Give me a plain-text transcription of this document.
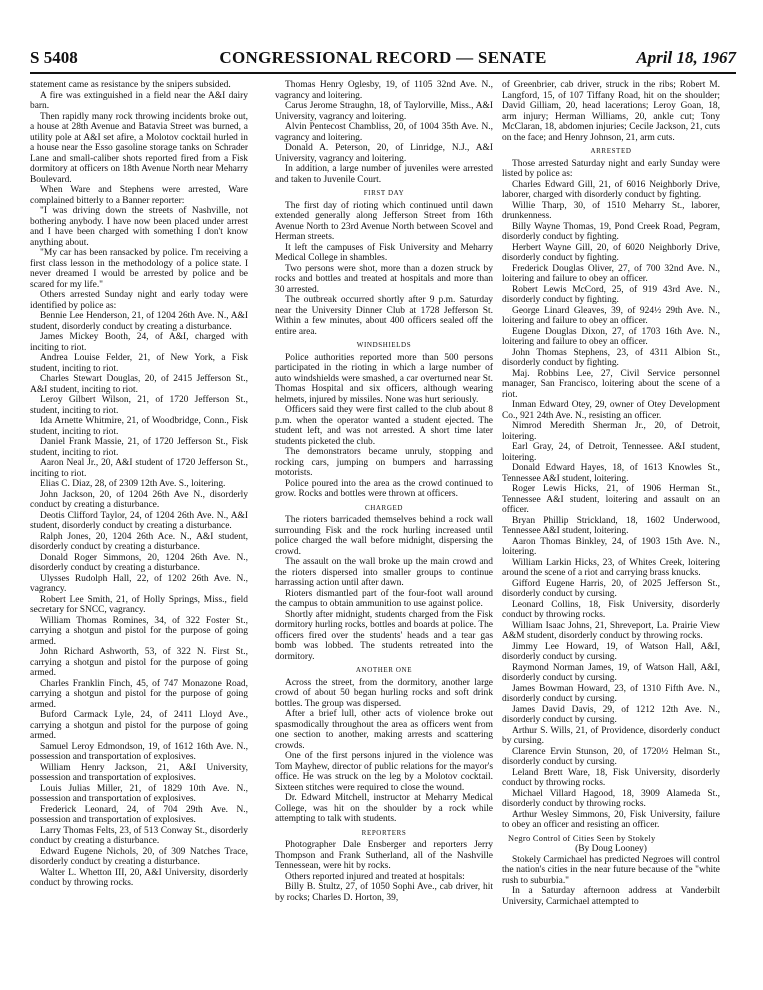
S 5408	CONGRESSIONAL RECORD — SENATE	April 18, 1967

statement came as resistance by the snipers subsided.

A fire was extinguished in a field near the A&I dairy barn.

Then rapidly many rock throwing incidents broke out, a house at 28th Avenue and Batavia Street was burned, a utility pole at A&I set afire, a Molotov cocktail hurled in a house near the Esso gasoline storage tanks on Schrader Lane and small-caliber shots reported fired from a Fisk dormitory at officers on 18th Avenue North near Meharry Boulevard.

When Ware and Stephens were arrested, Ware complained bitterly to a Banner reporter:

"I was driving down the streets of Nashville, not bothering anybody. I have now been placed under arrest and I have been charged with something I don't know anything about.

"My car has been ransacked by police. I'm receiving a first class lesson in the methodology of a police state. I never dreamed I would be arrested by police and be scared for my life."

Others arrested Sunday night and early today were identified by police as:

Bennie Lee Henderson, 21, of 1204 26th Ave. N., A&I student, disorderly conduct by creating a disturbance.

James Mickey Booth, 24, of A&I, charged with inciting to riot.

Andrea Louise Felder, 21, of New York, a Fisk student, inciting to riot.

Charles Stewart Douglas, 20, of 2415 Jefferson St., A&I student, inciting to riot.

Leroy Gilbert Wilson, 21, of 1720 Jefferson St., student, inciting to riot.

Ida Arnette Whitmire, 21, of Woodbridge, Conn., Fisk student, inciting to riot.

Daniel Frank Massie, 21, of 1720 Jefferson St., Fisk student, inciting to riot.

Aaron Neal Jr., 20, A&I student of 1720 Jefferson St., inciting to riot.

Elias C. Diaz, 28, of 2309 12th Ave. S., loitering.

John Jackson, 20, of 1204 26th Ave N., disorderly conduct by creating a disturbance.

Deotis Clifford Taylor, 24, of 1204 26th Ave. N., A&I student, disorderly conduct by creating a disturbance.

Ralph Jones, 20, 1204 26th Ace. N., A&I student, disorderly conduct by creating a disturbance.

Donald Roger Simmons, 20, 1204 26th Ave. N., disorderly conduct by creating a disturbance.

Ulysses Rudolph Hall, 22, of 1202 26th Ave. N., vagrancy.

Robert Lee Smith, 21, of Holly Springs, Miss., field secretary for SNCC, vagrancy.

William Thomas Romines, 34, of 322 Foster St., carrying a shotgun and pistol for the purpose of going armed.

John Richard Ashworth, 53, of 322 N. First St., carrying a shotgun and pistol for the purpose of going armed.

Charles Franklin Finch, 45, of 747 Monazone Road, carrying a shotgun and pistol for the purpose of going armed.

Buford Carmack Lyle, 24, of 2411 Lloyd Ave., carrying a shotgun and pistol for the purpose of going armed.

Samuel Leroy Edmondson, 19, of 1612 16th Ave. N., possession and transportation of explosives.

William Henry Jackson, 21, A&I University, possession and transportation of explosives.

Louis Julias Miller, 21, of 1829 10th Ave. N., possession and transportation of explosives.

Frederick Leonard, 24, of 704 29th Ave. N., possession and transportation of explosives.

Larry Thomas Felts, 23, of 513 Conway St., disorderly conduct by creating a disturbance.

Edward Eugene Nichols, 20, of 309 Natches Trace, disorderly conduct by creating a disturbance.

Walter L. Whetton III, 20, A&I University, disorderly conduct by throwing rocks.

Thomas Henry Oglesby, 19, of 1105 32nd Ave. N., vagrancy and loitering.

Carus Jerome Straughn, 18, of Taylorville, Miss., A&I University, vagrancy and loitering.

Alvin Pentecost Chambliss, 20, of 1004 35th Ave. N., vagrancy and loitering.

Donald A. Peterson, 20, of Linridge, N.J., A&I University, vagrancy and loitering.

In addition, a large number of juveniles were arrested and taken to Juvenile Court.

FIRST DAY

The first day of rioting which continued until dawn extended generally along Jefferson Street from 16th Avenue North to 23rd Avenue North between Scovel and Herman streets.

It left the campuses of Fisk University and Meharry Medical College in shambles.

Two persons were shot, more than a dozen struck by rocks and bottles and treated at hospitals and more than 30 arrested.

The outbreak occurred shortly after 9 p.m. Saturday near the University Dinner Club at 1728 Jefferson St. Within a few minutes, about 400 officers sealed off the entire area.

WINDSHIELDS

Police authorities reported more than 500 persons participated in the rioting in which a large number of auto windshields were smashed, a car overturned near St. Thomas Hospital and six officers, although wearing helmets, injured by missiles. None was hurt seriously.

Officers said they were first called to the club about 8 p.m. when the operator wanted a student ejected. The student left, and was not arrested. A short time later students picketed the club.

The demonstrators became unruly, stopping and rocking cars, jumping on bumpers and harrassing motorists.

Police poured into the area as the crowd continued to grow. Rocks and bottles were thrown at officers.

CHARGED

The rioters barricaded themselves behind a rock wall surrounding Fisk and the rock hurling increased until police charged the wall before midnight, dispersing the crowd.

The assault on the wall broke up the main crowd and the rioters dispersed into smaller groups to continue harrassing action until after dawn.

Rioters dismantled part of the four-foot wall around the campus to obtain ammunition to use against police.

Shortly after midnight, students charged from the Fisk dormitory hurling rocks, bottles and boards at police. The officers fired over the students' heads and a tear gas bomb was lobbed. The students retreated into the dormitory.

ANOTHER ONE

Across the street, from the dormitory, another large crowd of about 50 began hurling rocks and soft drink bottles. The group was dispersed.

After a brief lull, other acts of violence broke out spasmodically throughout the area as officers went from one section to another, making arrests and scattering crowds.

One of the first persons injured in the violence was Tom Mayhew, director of public relations for the mayor's office. He was struck on the leg by a Molotov cocktail. Sixteen stitches were required to close the wound.

Dr. Edward Mitchell, instructor at Meharry Medical College, was hit on the shoulder by a rock while attempting to talk with students.

REPORTERS

Photographer Dale Ensberger and reporters Jerry Thompson and Frank Sutherland, all of the Nashville Tennessean, were hit by rocks.

Others reported injured and treated at hospitals:

Billy B. Stultz, 27, of 1050 Sophi Ave., cab driver, hit by rocks; Charles D. Horton, 39,

of Greenbrier, cab driver, struck in the ribs; Robert M. Langford, 15, of 107 Tiffany Road, hit on the shoulder; David Gilliam, 20, head lacerations; Leroy Goan, 18, arm injury; Herman Williams, 20, ankle cut; Tony McClaran, 18, abdomen injuries; Cecile Jackson, 21, cuts on the face; and Henry Johnson, 21, arm cuts.

ARRESTED

Those arrested Saturday night and early Sunday were listed by police as:

Charles Edward Gill, 21, of 6016 Neighborly Drive, laborer, charged with disorderly conduct by fighting.

Willie Tharp, 30, of 1510 Meharry St., laborer, drunkenness.

Billy Wayne Thomas, 19, Pond Creek Road, Pegram, disorderly conduct by fighting.

Herbert Wayne Gill, 20, of 6020 Neighborly Drive, disorderly conduct by fighting.

Frederick Douglas Oliver, 27, of 700 32nd Ave. N., loitering and failure to obey an officer.

Robert Lewis McCord, 25, of 919 43rd Ave. N., disorderly conduct by fighting.

George Linard Gleaves, 39, of 924½ 29th Ave. N., loitering and failure to obey an officer.

Eugene Douglas Dixon, 27, of 1703 16th Ave. N., loitering and failure to obey an officer.

John Thomas Stephens, 23, of 4311 Albion St., disorderly conduct by fighting.

Maj. Robbins Lee, 27, Civil Service personnel manager, San Francisco, loitering about the scene of a riot.

Inman Edward Otey, 29, owner of Otey Development Co., 921 24th Ave. N., resisting an officer.

Nimrod Meredith Sherman Jr., 20, of Detroit, loitering.

Earl Gray, 24, of Detroit, Tennessee. A&I student, loitering.

Donald Edward Hayes, 18, of 1613 Knowles St., Tennessee A&I student, loitering.

Roger Lewis Hicks, 21, of 1906 Herman St., Tennessee A&I student, loitering and assault on an officer.

Bryan Phillip Strickland, 18, 1602 Underwood, Tennessee A&I student, loitering.

Aaron Thomas Binkley, 24, of 1903 15th Ave. N., loitering.

William Larkin Hicks, 23, of Whites Creek, loitering around the scene of a riot and carrying brass knucks.

Gifford Eugene Harris, 20, of 2025 Jefferson St., disorderly conduct by cursing.

Leonard Collins, 18, Fisk University, disorderly conduct by throwing rocks.

William Isaac Johns, 21, Shreveport, La. Prairie View A&M student, disorderly conduct by throwing rocks.

Jimmy Lee Howard, 19, of Watson Hall, A&I, disorderly conduct by cursing.

Raymond Norman James, 19, of Watson Hall, A&I, disorderly conduct by cursing.

James Bowman Howard, 23, of 1310 Fifth Ave. N., disorderly conduct by cursing.

James David Davis, 29, of 1212 12th Ave. N., disorderly conduct by cursing.

Arthur S. Wills, 21, of Providence, disorderly conduct by cursing.

Clarence Ervin Stunson, 20, of 1720½ Helman St., disorderly conduct by cursing.

Leland Brett Ware, 18, Fisk University, disorderly conduct by throwing rocks.

Michael Villard Hagood, 18, 3909 Alameda St., disorderly conduct by throwing rocks.

Arthur Wesley Simmons, 20, Fisk University, failure to obey an officer and resisting an officer.

Negro Control of Cities Seen by Stokely

(By Doug Looney)

Stokely Carmichael has predicted Negroes will control the nation's cities in the near future because of the "white rush to suburbia."

In a Saturday afternoon address at Vanderbilt University, Carmichael attempted to
